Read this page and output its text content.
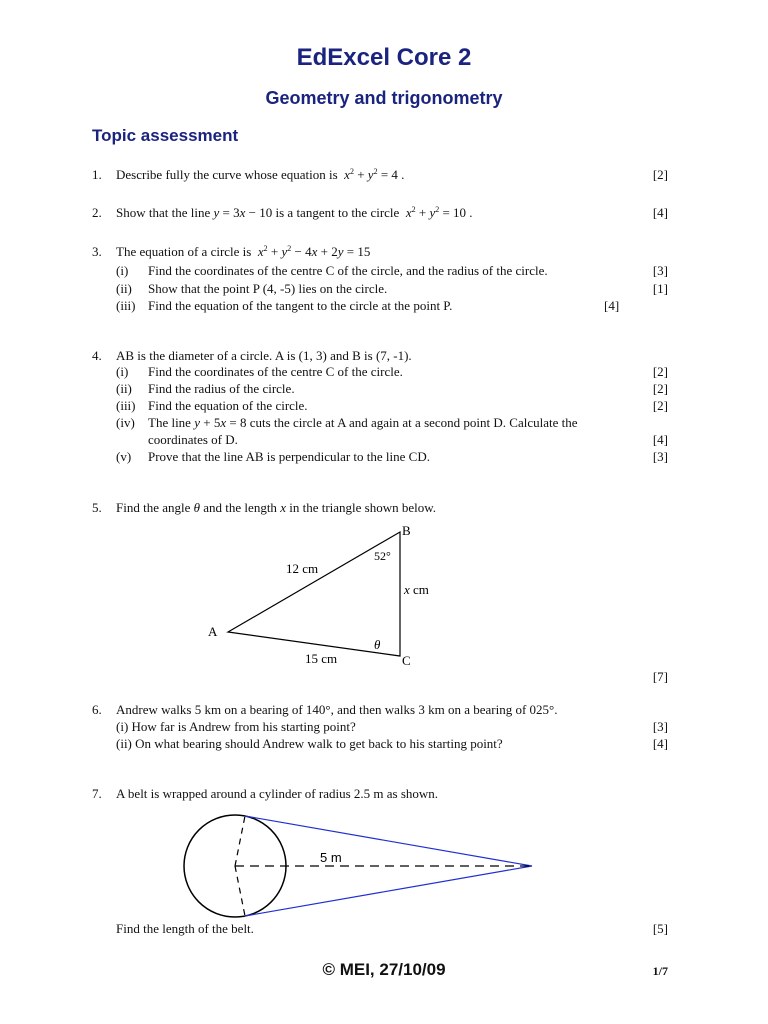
EdExcel Core 2
Geometry and trigonometry
Topic assessment
1. Describe fully the curve whose equation is $x^2 + y^2 = 4$ .	[2]
2. Show that the line y = 3x − 10 is a tangent to the circle $x^2 + y^2 = 10$ .	[4]
3. The equation of a circle is $x^2 + y^2 - 4x + 2y = 15$
(i) Find the coordinates of the centre C of the circle, and the radius of the circle.	[3]
(ii) Show that the point P (4, -5) lies on the circle.	[1]
(iii) Find the equation of the tangent to the circle at the point P.	[4]
4. AB is the diameter of a circle. A is (1, 3) and B is (7, -1).
(i) Find the coordinates of the centre C of the circle.	[2]
(ii) Find the radius of the circle.	[2]
(iii) Find the equation of the circle.	[2]
(iv) The line y + 5x = 8 cuts the circle at A and again at a second point D. Calculate the
coordinates of D.	[4]
(v) Prove that the line AB is perpendicular to the line CD.	[3]
5. Find the angle θ and the length x in the triangle shown below.
A
B
C
12 cm
15 cm
x cm
52°
θ
[7]
6. Andrew walks 5 km on a bearing of 140°, and then walks 3 km on a bearing of 025°.
(i) How far is Andrew from his starting point?	[3]
(ii) On what bearing should Andrew walk to get back to his starting point?	[4]
7. A belt is wrapped around a cylinder of radius 2.5 m as shown.
5 m
Find the length of the belt.	[5]
© MEI, 27/10/09	1/7
